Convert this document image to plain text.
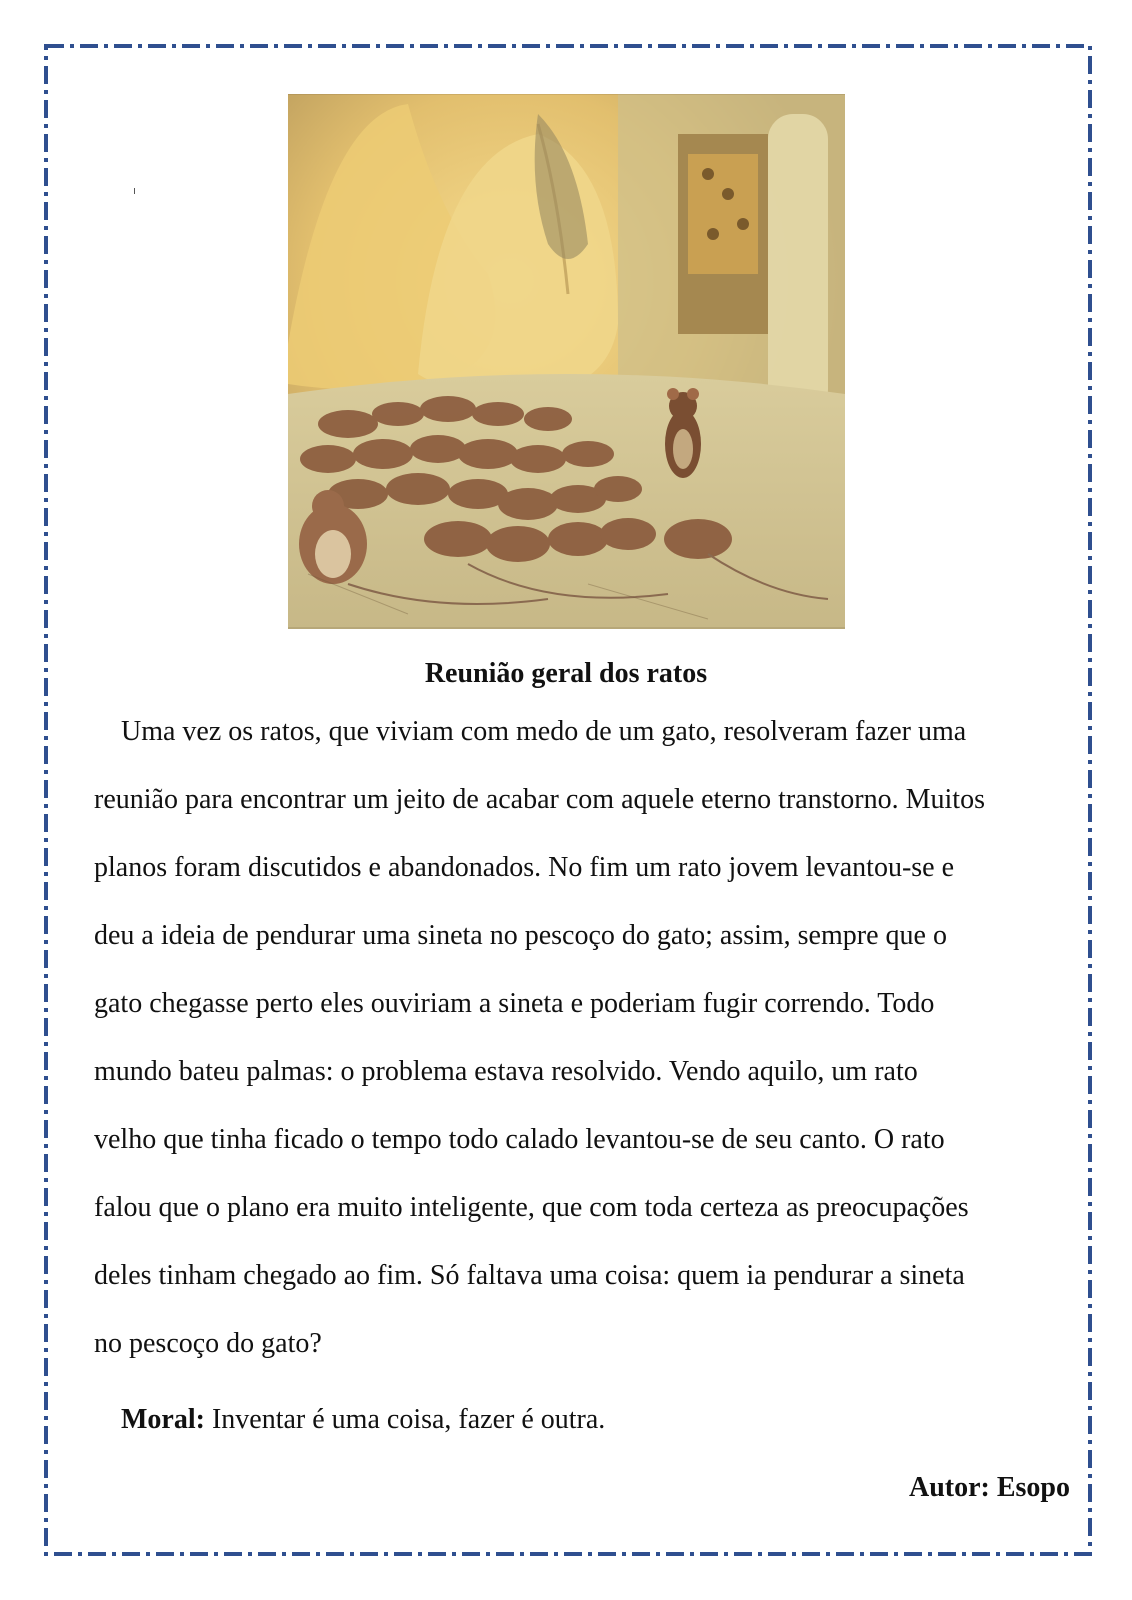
Reunião geral dos ratos
Uma vez os ratos, que viviam com medo de um gato, resolveram fazer uma
reunião para encontrar um jeito de acabar com aquele eterno transtorno. Muitos
planos foram discutidos e abandonados. No fim um rato jovem levantou-se e
deu a ideia de pendurar uma sineta no pescoço do gato; assim, sempre que o
gato chegasse perto eles ouviriam a sineta e poderiam fugir correndo. Todo
mundo bateu palmas: o problema estava resolvido. Vendo aquilo, um rato
velho que tinha ficado o tempo todo calado levantou-se de seu canto. O rato
falou que o plano era muito inteligente, que com toda certeza as preocupações
deles tinham chegado ao fim. Só faltava uma coisa: quem ia pendurar a sineta
no pescoço do gato?
Moral: Inventar é uma coisa, fazer é outra.
Autor: Esopo
